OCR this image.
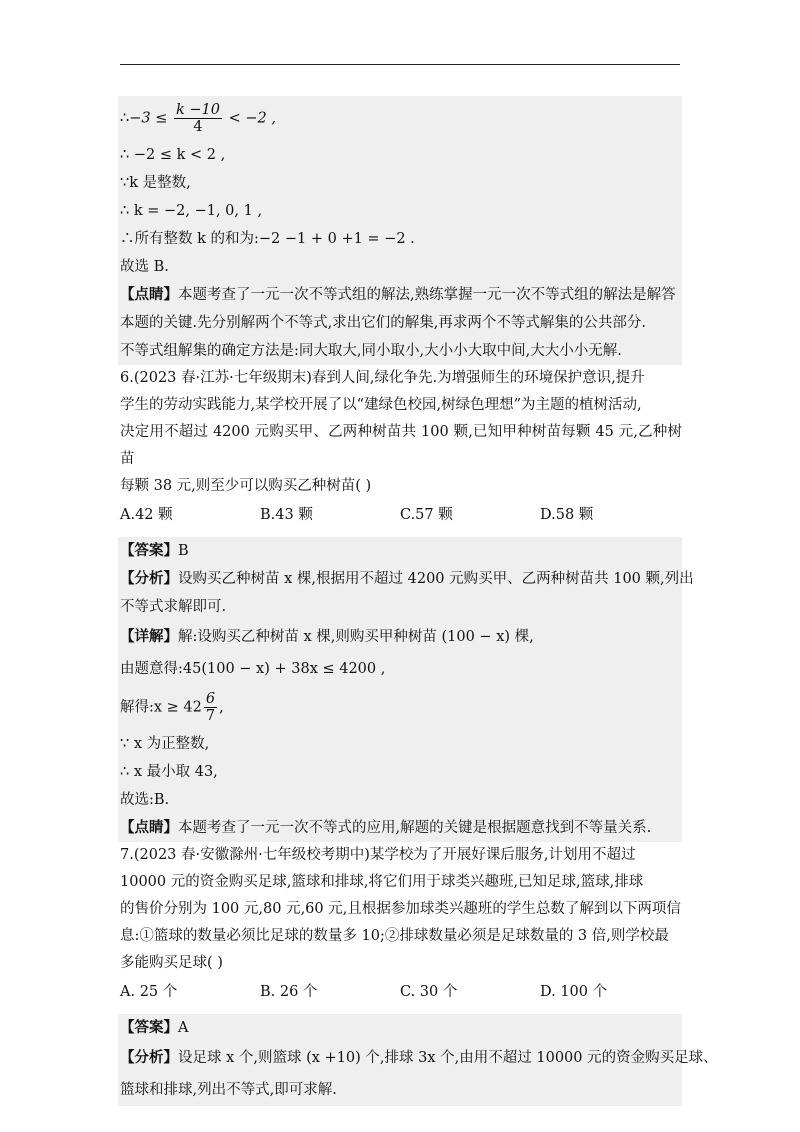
∴−3 ≤ $\frac{k -10}{4} < -2$ ,
∴ −2 ≤ k < 2 ,
∵k 是整数,
∴ k = −2, −1, 0, 1 ,
∴所有整数 k 的和为:−2 −1 + 0 +1 = −2 .
故选 B.
【点睛】本题考查了一元一次不等式组的解法,熟练掌握一元一次不等式组的解法是解答
本题的关键.先分别解两个不等式,求出它们的解集,再求两个不等式解集的公共部分.
不等式组解集的确定方法是:同大取大,同小取小,大小小大取中间,大大小小无解.
6.(2023 春·江苏·七年级期末)春到人间,绿化争先.为增强师生的环境保护意识,提升
学生的劳动实践能力,某学校开展了以“建绿色校园,树绿色理想”为主题的植树活动,
决定用不超过 4200 元购买甲、乙两种树苗共 100 颗,已知甲种树苗每颗 45 元,乙种树苗
每颗 38 元,则至少可以购买乙种树苗( )
A.42 颗	B.43 颗	C.57 颗	D.58 颗
【答案】B
【分析】设购买乙种树苗 x 棵,根据用不超过 4200 元购买甲、乙两种树苗共 100 颗,列出
不等式求解即可.
【详解】解:设购买乙种树苗 x 棵,则购买甲种树苗 (100 − x) 棵,
由题意得:45(100 − x) + 38x ≤ 4200 ,
解得:x ≥ $42 \frac{6}{7}$ ,
∵ x 为正整数,
∴ x 最小取 43,
故选:B.
【点睛】本题考查了一元一次不等式的应用,解题的关键是根据题意找到不等量关系.
7.(2023 春·安徽滁州·七年级校考期中)某学校为了开展好课后服务,计划用不超过
10000 元的资金购买足球,篮球和排球,将它们用于球类兴趣班,已知足球,篮球,排球
的售价分别为 100 元,80 元,60 元,且根据参加球类兴趣班的学生总数了解到以下两项信
息:①篮球的数量必须比足球的数量多 10;②排球数量必须是足球数量的 3 倍,则学校最
多能购买足球( )
A. 25 个	B. 26 个	C. 30 个	D. 100 个
【答案】A
【分析】设足球 x 个,则篮球 (x +10) 个,排球 3x 个,由用不超过 10000 元的资金购买足球、
篮球和排球,列出不等式,即可求解.
